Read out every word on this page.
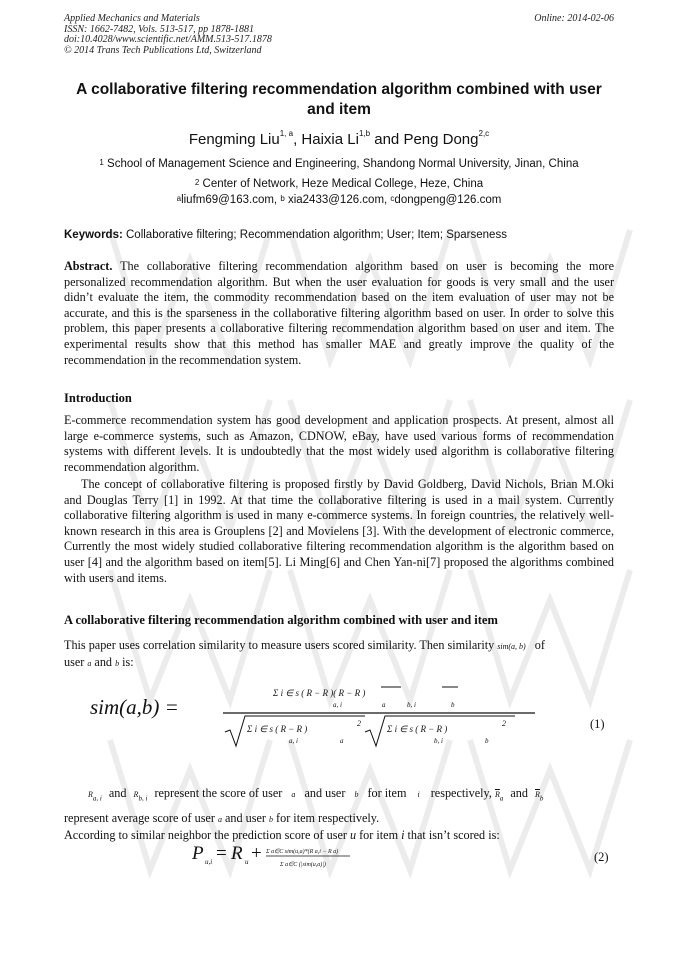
Applied Mechanics and Materials
ISSN: 1662-7482, Vols. 513-517, pp 1878-1881
doi:10.4028/www.scientific.net/AMM.513-517.1878
© 2014 Trans Tech Publications Ltd, Switzerland
Online: 2014-02-06
A collaborative filtering recommendation algorithm combined with user and item
Fengming Liu$^{1, a}$, Haixia Li$^{1,b}$ and Peng Dong$^{2,c}$
$^1$ School of Management Science and Engineering, Shandong Normal University, Jinan, China
$^2$ Center of Network, Heze Medical College, Heze, China
$^a$liufm69@163.com, $^b$ xia2433@126.com, $^c$dongpeng@126.com
Keywords: Collaborative filtering; Recommendation algorithm; User; Item; Sparseness
Abstract. The collaborative filtering recommendation algorithm based on user is becoming the more personalized recommendation algorithm. But when the user evaluation for goods is very small and the user didn’t evaluate the item, the commodity recommendation based on the item evaluation of user may not be accurate, and this is the sparseness in the collaborative filtering algorithm based on user. In order to solve this problem, this paper presents a collaborative filtering recommendation algorithm based on user and item. The experimental results show that this method has smaller MAE and greatly improve the quality of the recommendation in the recommendation system.
Introduction
E-commerce recommendation system has good development and application prospects. At present, almost all large e-commerce systems, such as Amazon, CDNOW, eBay, have used various forms of recommendation systems with different levels. It is undoubtedly that the most widely used algorithm is collaborative filtering recommendation algorithm.
The concept of collaborative filtering is proposed firstly by David Goldberg, David Nichols, Brian M.Oki and Douglas Terry [1] in 1992. At that time the collaborative filtering is used in a mail system. Currently collaborative filtering algorithm is used in many e-commerce systems. In foreign countries, the relatively well-known research in this area is Grouplens [2] and Movielens [3]. With the development of electronic commerce, Currently the most widely studied collaborative filtering recommendation algorithm is the algorithm based on user [4] and the algorithm based on item[5]. Li Ming[6] and Chen Yan-ni[7] proposed the algorithms combined with users and items.
A collaborative filtering recommendation algorithm combined with user and item
This paper uses correlation similarity to measure users scored similarity. Then similarity sim(a, b) of
user a and b is:
sim(a,b) =
Σ i ∈ s ( R − R )( R − R )
a, i	a	b, i	b
Σ i ∈ s ( R − R )
2
a, i	a
Σ i ∈ s ( R − R )
2
b, i	b
(1)
$R_{a, i}$ and $R_{b, i}$ represent the score of user a and user b for item i respectively, $\overline{R}_a$ and $\overline{R}_b$
represent average score of user a and user b for item respectively.
According to similar neighbor the prediction score of user u for item i that isn’t scored is:
P u,i = R u + Σ a∈C sim(u,a)*(R a,i − R a)
Σ a∈C (|sim(u,a)|)
(2)
